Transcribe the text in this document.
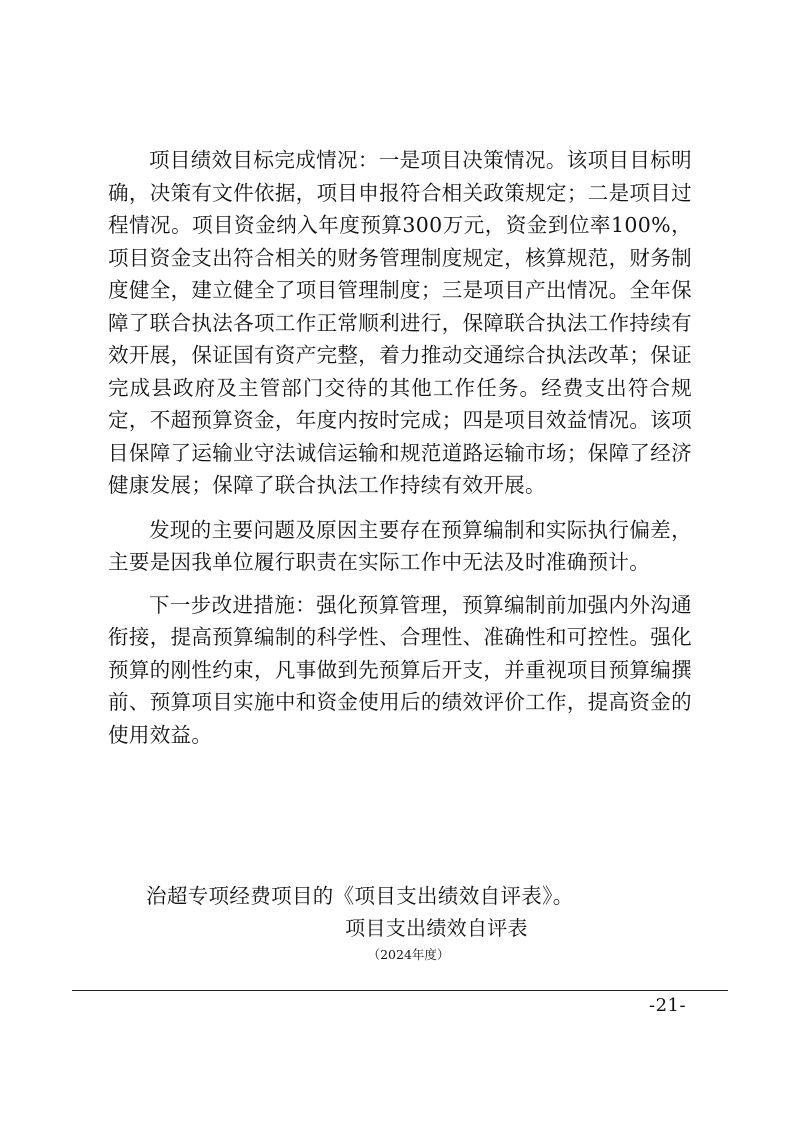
项目绩效目标完成情况：一是项目决策情况。该项目目标明确，决策有文件依据，项目申报符合相关政策规定；二是项目过程情况。项目资金纳入年度预算300万元，资金到位率100%，项目资金支出符合相关的财务管理制度规定，核算规范，财务制度健全，建立健全了项目管理制度；三是项目产出情况。全年保障了联合执法各项工作正常顺利进行，保障联合执法工作持续有效开展，保证国有资产完整，着力推动交通综合执法改革；保证完成县政府及主管部门交待的其他工作任务。经费支出符合规定，不超预算资金，年度内按时完成；四是项目效益情况。该项目保障了运输业守法诚信运输和规范道路运输市场；保障了经济健康发展；保障了联合执法工作持续有效开展。

发现的主要问题及原因主要存在预算编制和实际执行偏差，主要是因我单位履行职责在实际工作中无法及时准确预计。

下一步改进措施：强化预算管理，预算编制前加强内外沟通衔接，提高预算编制的科学性、合理性、准确性和可控性。强化预算的刚性约束，凡事做到先预算后开支，并重视项目预算编撰前、预算项目实施中和资金使用后的绩效评价工作，提高资金的使用效益。

治超专项经费项目的《项目支出绩效自评表》。
项目支出绩效自评表
（2024年度）
-21-
